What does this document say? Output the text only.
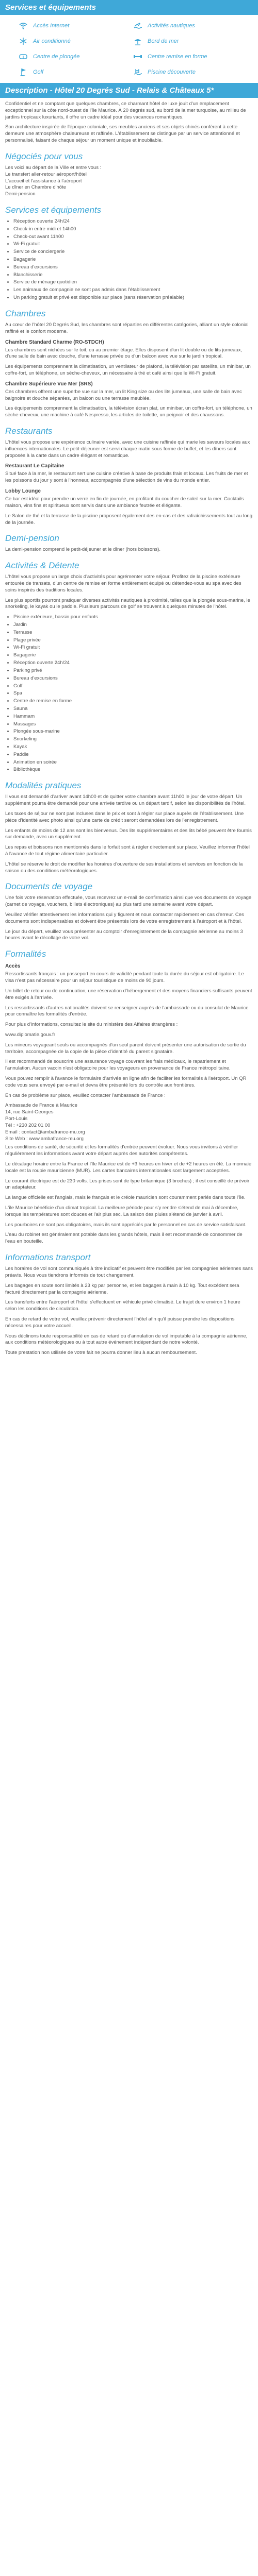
Services et équipements
Accès Internet	Activités nautiques
Air conditionné	Bord de mer
Centre de plongée	Centre remise en forme
Golf	Piscine découverte
Description - Hôtel 20 Degrés Sud - Relais & Châteaux 5*

Confidentiel et ne comptant que quelques chambres, ce charmant hôtel de luxe jouit d'un emplacement exceptionnel sur la côte nord-ouest de l'île Maurice. À 20 degrés sud, au bord de la mer turquoise, au milieu de jardins tropicaux luxuriants, il offre un cadre idéal pour des vacances romantiques.

Son architecture inspirée de l'époque coloniale, ses meubles anciens et ses objets chinés confèrent à cette demeure une atmosphère chaleureuse et raffinée. L'établissement se distingue par un service attentionné et personnalisé, faisant de chaque séjour un moment unique et inoubliable.

Négociés pour vous

Les voici au départ de la Ville et entre vous :

Le transfert aller-retour aéroport/hôtel

L'accueil et l'assistance à l'aéroport

Le dîner en Chambre d'hôte

Demi-pension

Services et équipements
• Réception ouverte 24h/24
• Check-in entre midi et 14h00
• Check-out avant 11h00
• Wi-Fi gratuit
• Service de conciergerie
• Bagagerie
• Bureau d'excursions
• Blanchisserie
• Service de ménage quotidien
• Les animaux de compagnie ne sont pas admis dans l'établissement
• Un parking gratuit et privé est disponible sur place (sans réservation préalable)
Chambres

Au cœur de l'hôtel 20 Degrés Sud, les chambres sont réparties en différentes catégories, alliant un style colonial raffiné et le confort moderne.

Chambre Standard Charme (RO-STDCH)

Les chambres sont nichées sur le toit, ou au premier étage. Elles disposent d'un lit double ou de lits jumeaux, d'une salle de bain avec douche, d'une terrasse privée ou d'un balcon avec vue sur le jardin tropical.

Les équipements comprennent la climatisation, un ventilateur de plafond, la télévision par satellite, un minibar, un coffre-fort, un téléphone, un sèche-cheveux, un nécessaire à thé et café ainsi que le Wi-Fi gratuit.

Chambre Supérieure Vue Mer (SRS)

Ces chambres offrent une superbe vue sur la mer, un lit King size ou des lits jumeaux, une salle de bain avec baignoire et douche séparées, un balcon ou une terrasse meublée.

Les équipements comprennent la climatisation, la télévision écran plat, un minibar, un coffre-fort, un téléphone, un sèche-cheveux, une machine à café Nespresso, les articles de toilette, un peignoir et des chaussons.

Restaurants

L'hôtel vous propose une expérience culinaire variée, avec une cuisine raffinée qui marie les saveurs locales aux influences internationales. Le petit-déjeuner est servi chaque matin sous forme de buffet, et les dîners sont proposés à la carte dans un cadre élégant et romantique.

Restaurant Le Capitaine

Situé face à la mer, le restaurant sert une cuisine créative à base de produits frais et locaux. Les fruits de mer et les poissons du jour y sont à l'honneur, accompagnés d'une sélection de vins du monde entier.

Lobby Lounge

Ce bar est idéal pour prendre un verre en fin de journée, en profitant du coucher de soleil sur la mer. Cocktails maison, vins fins et spiritueux sont servis dans une ambiance feutrée et élégante.

Le Salon de thé et la terrasse de la piscine proposent également des en-cas et des rafraîchissements tout au long de la journée.

Demi-pension

La demi-pension comprend le petit-déjeuner et le dîner (hors boissons).

Activités & Détente

L'hôtel vous propose un large choix d'activités pour agrémenter votre séjour. Profitez de la piscine extérieure entourée de transats, d'un centre de remise en forme entièrement équipé ou détendez-vous au spa avec des soins inspirés des traditions locales.

Les plus sportifs pourront pratiquer diverses activités nautiques à proximité, telles que la plongée sous-marine, le snorkeling, le kayak ou le paddle. Plusieurs parcours de golf se trouvent à quelques minutes de l'hôtel.

• Piscine extérieure, bassin pour enfants
• Jardin
• Terrasse
• Plage privée
• Wi-Fi gratuit
• Bagagerie
• Réception ouverte 24h/24
• Parking privé
• Bureau d'excursions
• Golf
• Spa
• Centre de remise en forme
• Sauna
• Hammam
• Massages
• Plongée sous-marine
• Snorkeling
• Kayak
• Paddle
• Animation en soirée
• Bibliothèque
Modalités pratiques

Il vous est demandé d'arriver avant 14h00 et de quitter votre chambre avant 11h00 le jour de votre départ. Un supplément pourra être demandé pour une arrivée tardive ou un départ tardif, selon les disponibilités de l'hôtel.

Les taxes de séjour ne sont pas incluses dans le prix et sont à régler sur place auprès de l'établissement. Une pièce d'identité avec photo ainsi qu'une carte de crédit seront demandées lors de l'enregistrement.

Les enfants de moins de 12 ans sont les bienvenus. Des lits supplémentaires et des lits bébé peuvent être fournis sur demande, avec un supplément.

Les repas et boissons non mentionnés dans le forfait sont à régler directement sur place. Veuillez informer l'hôtel à l'avance de tout régime alimentaire particulier.

L'hôtel se réserve le droit de modifier les horaires d'ouverture de ses installations et services en fonction de la saison ou des conditions météorologiques.

Documents de voyage

Une fois votre réservation effectuée, vous recevrez un e-mail de confirmation ainsi que vos documents de voyage (carnet de voyage, vouchers, billets électroniques) au plus tard une semaine avant votre départ.

Veuillez vérifier attentivement les informations qui y figurent et nous contacter rapidement en cas d'erreur. Ces documents sont indispensables et doivent être présentés lors de votre enregistrement à l'aéroport et à l'hôtel.

Le jour du départ, veuillez vous présenter au comptoir d'enregistrement de la compagnie aérienne au moins 3 heures avant le décollage de votre vol.

Formalités
Accès

Ressortissants français : un passeport en cours de validité pendant toute la durée du séjour est obligatoire. Le visa n'est pas nécessaire pour un séjour touristique de moins de 90 jours.

Un billet de retour ou de continuation, une réservation d'hébergement et des moyens financiers suffisants peuvent être exigés à l'arrivée.

Les ressortissants d'autres nationalités doivent se renseigner auprès de l'ambassade ou du consulat de Maurice pour connaître les formalités d'entrée.

Pour plus d'informations, consultez le site du ministère des Affaires étrangères :

www.diplomatie.gouv.fr

Les mineurs voyageant seuls ou accompagnés d'un seul parent doivent présenter une autorisation de sortie du territoire, accompagnée de la copie de la pièce d'identité du parent signataire.

Il est recommandé de souscrire une assurance voyage couvrant les frais médicaux, le rapatriement et l'annulation. Aucun vaccin n'est obligatoire pour les voyageurs en provenance de France métropolitaine.

Vous pouvez remplir à l'avance le formulaire d'arrivée en ligne afin de faciliter les formalités à l'aéroport. Un QR code vous sera envoyé par e-mail et devra être présenté lors du contrôle aux frontières.

En cas de problème sur place, veuillez contacter l'ambassade de France :

Ambassade de France à Maurice

14, rue Saint-Georges

Port-Louis

Tél : +230 202 01 00

Email : contact@ambafrance-mu.org

Site Web : www.ambafrance-mu.org

Les conditions de santé, de sécurité et les formalités d'entrée peuvent évoluer. Nous vous invitons à vérifier régulièrement les informations avant votre départ auprès des autorités compétentes.

Le décalage horaire entre la France et l'île Maurice est de +3 heures en hiver et de +2 heures en été. La monnaie locale est la roupie mauricienne (MUR). Les cartes bancaires internationales sont largement acceptées.

Le courant électrique est de 230 volts. Les prises sont de type britannique (3 broches) ; il est conseillé de prévoir un adaptateur.

La langue officielle est l'anglais, mais le français et le créole mauricien sont couramment parlés dans toute l'île.

L'île Maurice bénéficie d'un climat tropical. La meilleure période pour s'y rendre s'étend de mai à décembre, lorsque les températures sont douces et l'air plus sec. La saison des pluies s'étend de janvier à avril.

Les pourboires ne sont pas obligatoires, mais ils sont appréciés par le personnel en cas de service satisfaisant.

L'eau du robinet est généralement potable dans les grands hôtels, mais il est recommandé de consommer de l'eau en bouteille.

Informations transport

Les horaires de vol sont communiqués à titre indicatif et peuvent être modifiés par les compagnies aériennes sans préavis. Nous vous tiendrons informés de tout changement.

Les bagages en soute sont limités à 23 kg par personne, et les bagages à main à 10 kg. Tout excédent sera facturé directement par la compagnie aérienne.

Les transferts entre l'aéroport et l'hôtel s'effectuent en véhicule privé climatisé. Le trajet dure environ 1 heure selon les conditions de circulation.

En cas de retard de votre vol, veuillez prévenir directement l'hôtel afin qu'il puisse prendre les dispositions nécessaires pour votre accueil.

Nous déclinons toute responsabilité en cas de retard ou d'annulation de vol imputable à la compagnie aérienne, aux conditions météorologiques ou à tout autre événement indépendant de notre volonté.

Toute prestation non utilisée de votre fait ne pourra donner lieu à aucun remboursement.
